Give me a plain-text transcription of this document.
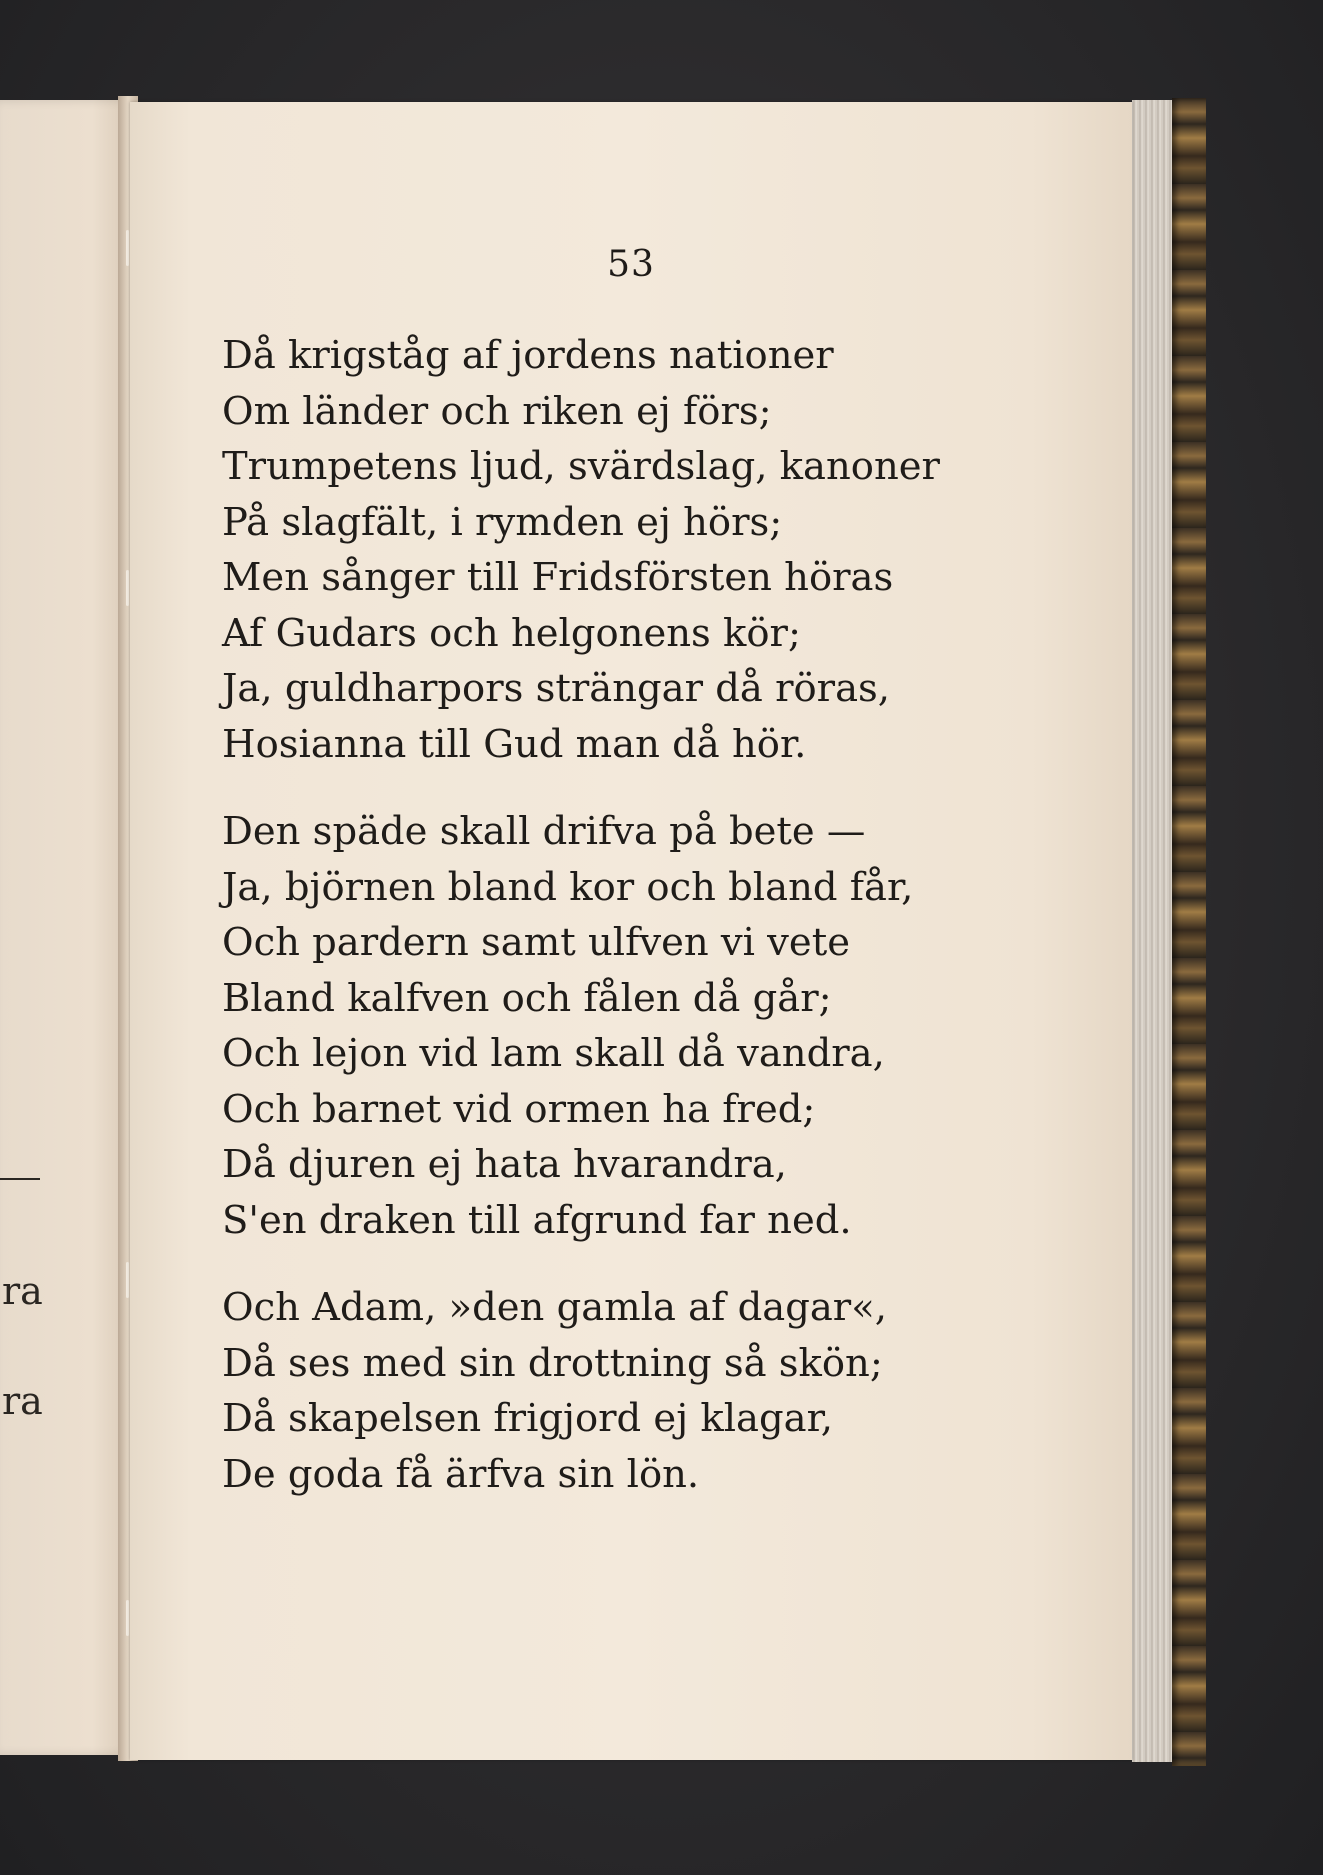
ra
ra
53
Då krigståg af jordens nationer
Om länder och riken ej förs;
Trumpetens ljud, svärdslag, kanoner
På slagfält, i rymden ej hörs;
Men sånger till Fridsförsten höras
Af Gudars och helgonens kör;
Ja, guldharpors strängar då röras,
Hosianna till Gud man då hör.
Den späde skall drifva på bete —
Ja, björnen bland kor och bland får,
Och pardern samt ulfven vi vete
Bland kalfven och fålen då går;
Och lejon vid lam skall då vandra,
Och barnet vid ormen ha fred;
Då djuren ej hata hvarandra,
S'en draken till afgrund far ned.
Och Adam, »den gamla af dagar«,
Då ses med sin drottning så skön;
Då skapelsen frigjord ej klagar,
De goda få ärfva sin lön.
